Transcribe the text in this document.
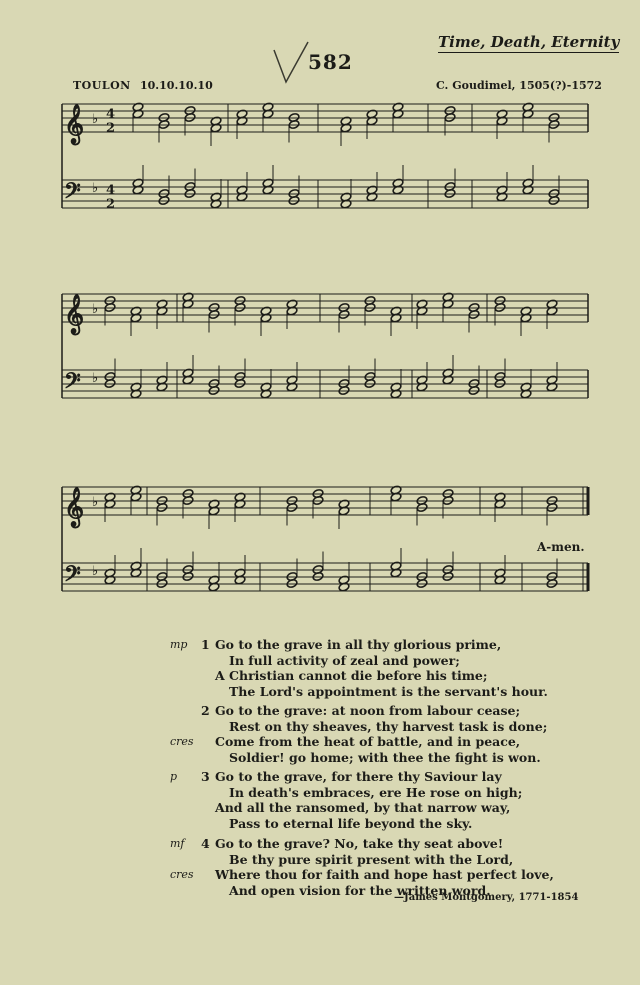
582
Time, Death, Eternity
TOULON 10.10.10.10	C. Goudimel, 1505(?)-1572
𝄞 ♭ 4
2
𝄢 ♭ 4
2
𝄞 ♭
𝄢 ♭
𝄞 ♭
𝄢 ♭
A-men.
mp	1 Go to the grave in all thy glorious prime,
In full activity of zeal and power;
A Christian cannot die before his time;
The Lord's appointment is the servant's hour.
2 Go to the grave: at noon from labour cease;
Rest on thy sheaves, thy harvest task is done;
cres	Come from the heat of battle, and in peace,
Soldier! go home; with thee the fight is won.
p	3 Go to the grave, for there thy Saviour lay
In death's embraces, ere He rose on high;
And all the ransomed, by that narrow way,
Pass to eternal life beyond the sky.
mf	4 Go to the grave? No, take thy seat above!
Be thy pure spirit present with the Lord,
cres	Where thou for faith and hope hast perfect love,
And open vision for the written word.
—James Montgomery, 1771-1854
